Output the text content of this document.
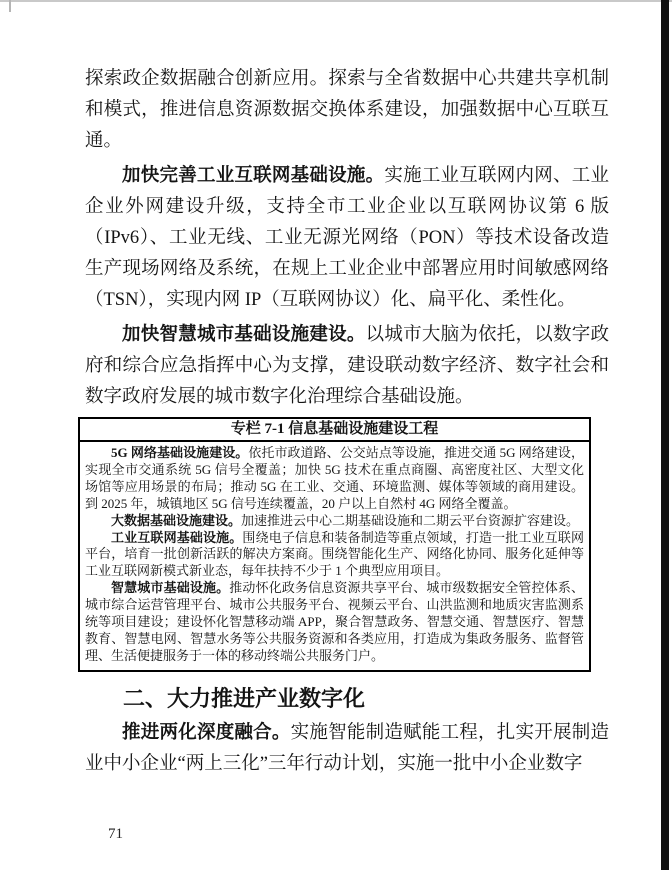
探索政企数据融合创新应用。探索与全省数据中心共建共享机制和模式，推进信息资源数据交换体系建设，加强数据中心互联互通。

加快完善工业互联网基础设施。实施工业互联网内网、工业企业外网建设升级，支持全市工业企业以互联网协议第 6 版（IPv6）、工业无线、工业无源光网络（PON）等技术设备改造生产现场网络及系统，在规上工业企业中部署应用时间敏感网络（TSN），实现内网 IP（互联网协议）化、扁平化、柔性化。

加快智慧城市基础设施建设。以城市大脑为依托，以数字政府和综合应急指挥中心为支撑，建设联动数字经济、数字社会和数字政府发展的城市数字化治理综合基础设施。

专栏 7-1 信息基础设施建设工程

5G 网络基础设施建设。依托市政道路、公交站点等设施，推进交通 5G 网络建设，实现全市交通系统 5G 信号全覆盖；加快 5G 技术在重点商圈、高密度社区、大型文化场馆等应用场景的布局；推动 5G 在工业、交通、环境监测、媒体等领域的商用建设。到 2025 年，城镇地区 5G 信号连续覆盖，20 户以上自然村 4G 网络全覆盖。

大数据基础设施建设。加速推进云中心二期基础设施和二期云平台资源扩容建设。

工业互联网基础设施。围绕电子信息和装备制造等重点领域，打造一批工业互联网平台，培育一批创新活跃的解决方案商。围绕智能化生产、网络化协同、服务化延伸等工业互联网新模式新业态，每年扶持不少于 1 个典型应用项目。

智慧城市基础设施。推动怀化政务信息资源共享平台、城市级数据安全管控体系、城市综合运营管理平台、城市公共服务平台、视频云平台、山洪监测和地质灾害监测系统等项目建设；建设怀化智慧移动端 APP，聚合智慧政务、智慧交通、智慧医疗、智慧教育、智慧电网、智慧水务等公共服务资源和各类应用，打造成为集政务服务、监督管理、生活便捷服务于一体的移动终端公共服务门户。

二、大力推进产业数字化

推进两化深度融合。实施智能制造赋能工程，扎实开展制造业中小企业“两上三化”三年行动计划，实施一批中小企业数字

71
